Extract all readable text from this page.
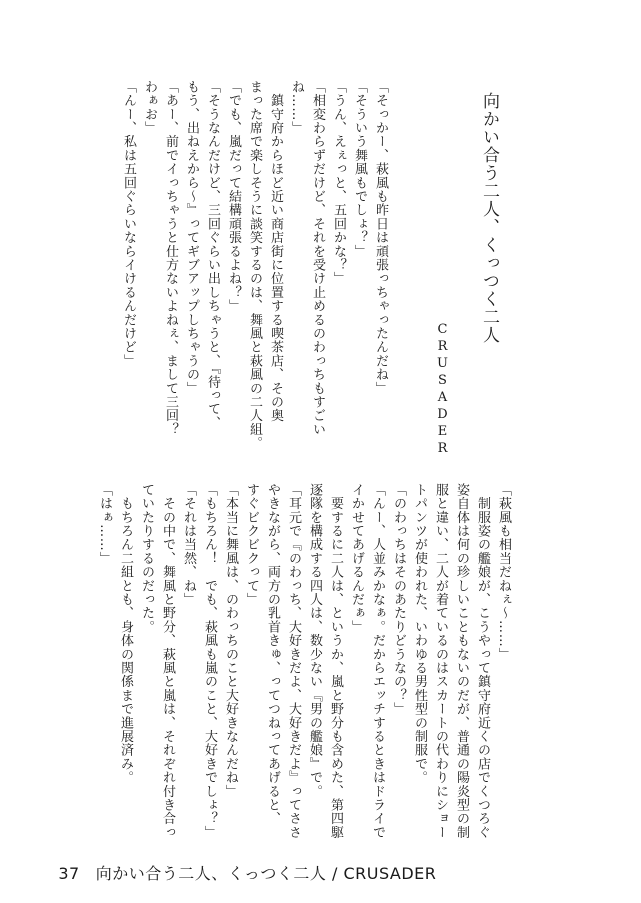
向かい合う二人、くっつく二人
CRUSADER
「そっかー、萩風も昨日は頑張っちゃったんだね」
「そういう舞風もでしょ？」
「うん、えぇっと、五回かな？」
「相変わらずだけど、それを受け止めるのわっちもすごい
ね……」
　鎮守府からほど近い商店街に位置する喫茶店、その奥
まった席で楽しそうに談笑するのは、舞風と萩風の二人組。
「でも、嵐だって結構頑張るよね？」
「そうなんだけど、三回ぐらい出しちゃうと、『待って、
もう、出ねえから～』ってギブアップしちゃうの」
「あー、前でイっちゃうと仕方ないよねぇ、まして三回？
わぁお」
「んー、私は五回ぐらいならイけるんだけど」
「萩風も相当だねぇ～……」
　制服姿の艦娘が、こうやって鎮守府近くの店でくつろぐ
姿自体は何の珍しいこともないのだが、普通の陽炎型の制
服と違い、二人が着ているのはスカートの代わりにショー
トパンツが使われた、いわゆる男性型の制服で。
「のわっちはそのあたりどうなの？」
「んー、人並みかなぁ。だからエッチするときはドライで
イかせてあげるんだぁ」
　要するに二人は、というか、嵐と野分も含めた、第四駆
逐隊を構成する四人は、数少ない『男の艦娘』で。
「耳元で『のわっち、大好きだよ、大好きだよ』ってささ
やきながら、両方の乳首きゅ、ってつねってあげると、
すぐビクビクって」
「本当に舞風は、のわっちのこと大好きなんだね」
「もちろん！　でも、萩風も嵐のこと、大好きでしょ？」
「それは当然、ね」
　その中で、舞風と野分、萩風と嵐は、それぞれ付き合っ
ていたりするのだった。
　もちろん二組とも、身体の関係まで進展済み。
「はぁ……」

37 向かい合う二人、くっつく二人 / CRUSADER
